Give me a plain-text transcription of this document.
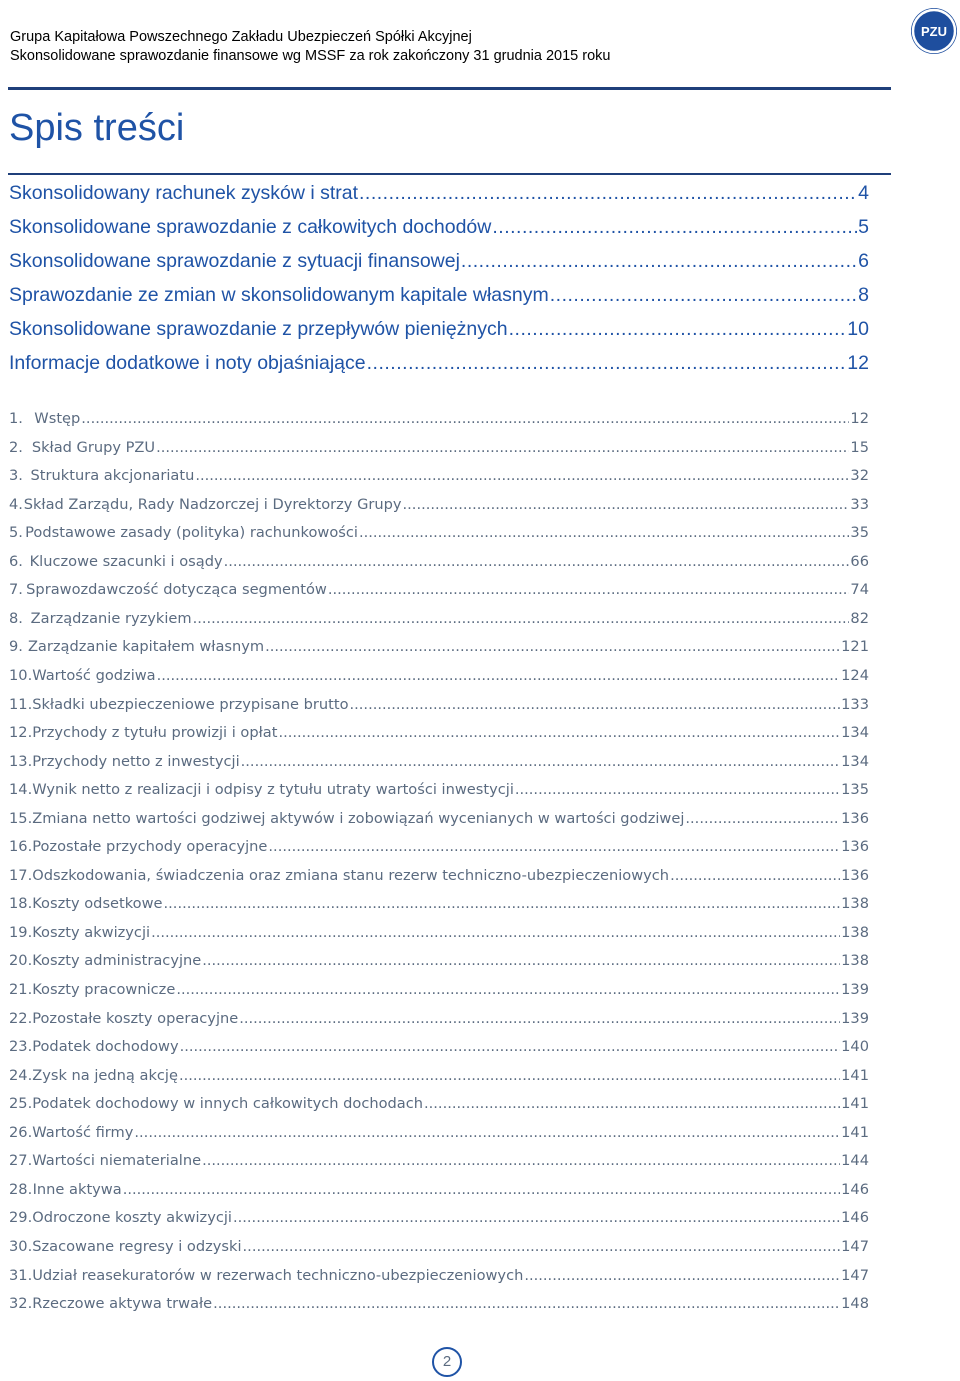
Grupa Kapitałowa Powszechnego Zakładu Ubezpieczeń Spółki Akcyjnej
Skonsolidowane sprawozdanie finansowe wg MSSF za rok zakończony 31 grudnia 2015 roku
PZU
Spis treści
Skonsolidowany rachunek zysków i strat .....	4
Skonsolidowane sprawozdanie z całkowitych dochodów .....	5
Skonsolidowane sprawozdanie z sytuacji finansowej .....	6
Sprawozdanie ze zmian w skonsolidowanym kapitale własnym .....	8
Skonsolidowane sprawozdanie z przepływów pieniężnych .....	10
Informacje dodatkowe i noty objaśniające .....	12
1. Wstęp .....	12
2. Skład Grupy PZU .....	15
3. Struktura akcjonariatu .....	32
4. Skład Zarządu, Rady Nadzorczej i Dyrektorzy Grupy .....	33
5. Podstawowe zasady (polityka) rachunkowości .....	35
6. Kluczowe szacunki i osądy .....	66
7. Sprawozdawczość dotycząca segmentów .....	74
8. Zarządzanie ryzykiem .....	82
9. Zarządzanie kapitałem własnym .....	121
10. Wartość godziwa .....	124
11. Składki ubezpieczeniowe przypisane brutto .....	133
12. Przychody z tytułu prowizji i opłat .....	134
13. Przychody netto z inwestycji .....	134
14. Wynik netto z realizacji i odpisy z tytułu utraty wartości inwestycji .....	135
15. Zmiana netto wartości godziwej aktywów i zobowiązań wycenianych w wartości godziwej .....	136
16. Pozostałe przychody operacyjne .....	136
17. Odszkodowania, świadczenia oraz zmiana stanu rezerw techniczno-ubezpieczeniowych .....	136
18. Koszty odsetkowe .....	138
19. Koszty akwizycji .....	138
20. Koszty administracyjne .....	138
21. Koszty pracownicze .....	139
22. Pozostałe koszty operacyjne .....	139
23. Podatek dochodowy .....	140
24. Zysk na jedną akcję .....	141
25. Podatek dochodowy w innych całkowitych dochodach .....	141
26. Wartość firmy .....	141
27. Wartości niematerialne .....	144
28. Inne aktywa .....	146
29. Odroczone koszty akwizycji .....	146
30. Szacowane regresy i odzyski .....	147
31. Udział reasekuratorów w rezerwach techniczno-ubezpieczeniowych .....	147
32. Rzeczowe aktywa trwałe .....	148
2
